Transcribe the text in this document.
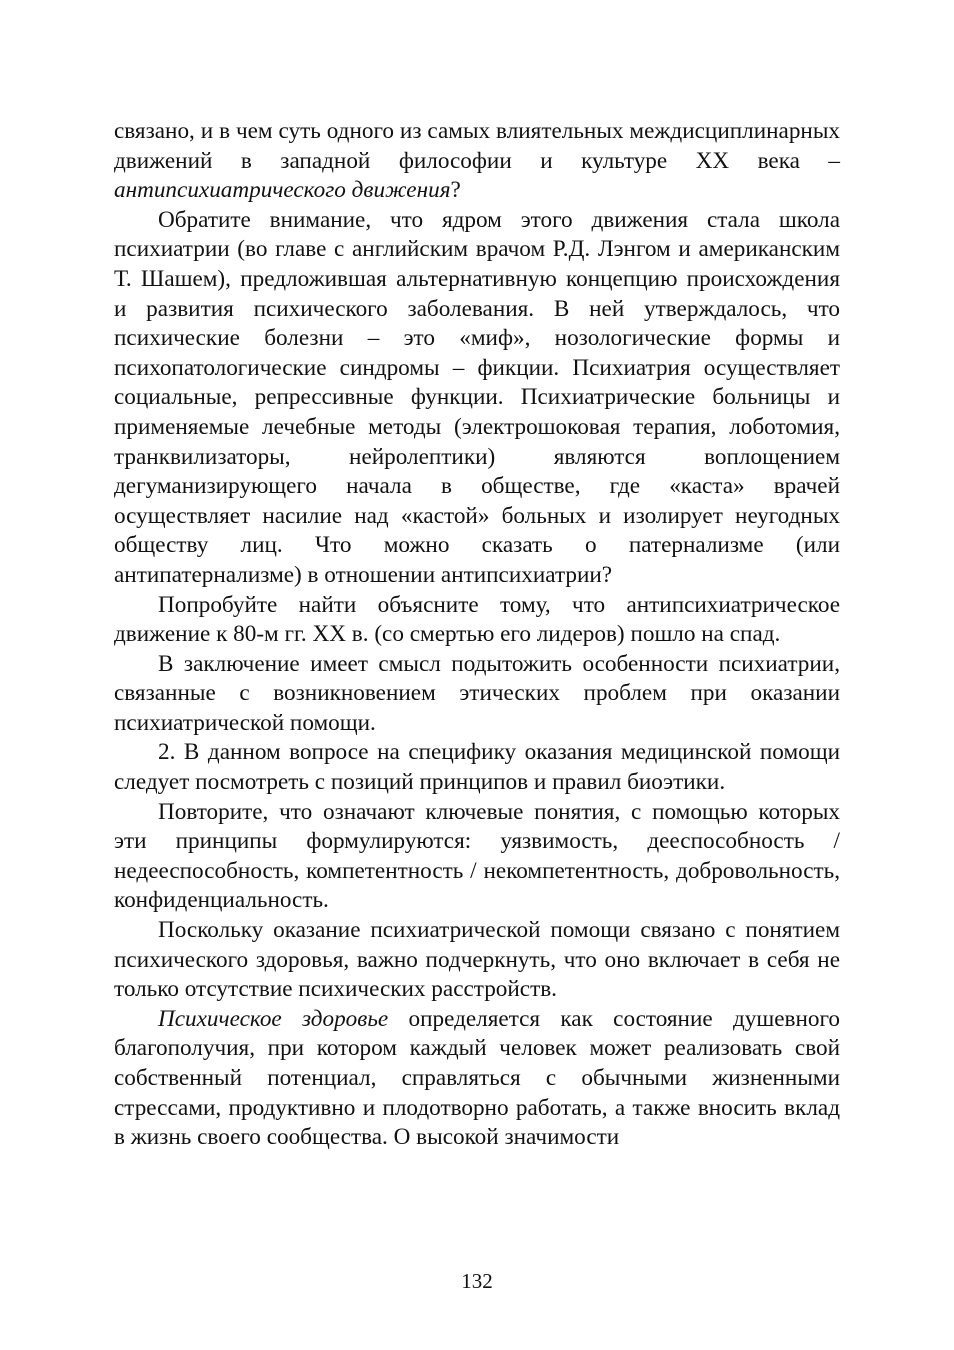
связано, и в чем суть одного из самых влиятельных междисциплинарных движений в западной философии и культуре XX века – антипсихиатрического движения?

Обратите внимание, что ядром этого движения стала школа психиатрии (во главе с английским врачом Р.Д. Лэнгом и американским Т. Шашем), предложившая альтернативную концепцию происхождения и развития психического заболевания. В ней утверждалось, что психические болезни – это «миф», нозологические формы и психопатологические синдромы – фикции. Психиатрия осуществляет социальные, репрессивные функции. Психиатрические больницы и применяемые лечебные методы (электрошоковая терапия, лоботомия, транквилизаторы, нейролептики) являются воплощением дегуманизирующего начала в обществе, где «каста» врачей осуществляет насилие над «кастой» больных и изолирует неугодных обществу лиц. Что можно сказать о патернализме (или антипатернализме) в отношении антипсихиатрии?

Попробуйте найти объясните тому, что антипсихиатрическое движение к 80-м гг. XX в. (со смертью его лидеров) пошло на спад.

В заключение имеет смысл подытожить особенности психиатрии, связанные с возникновением этических проблем при оказании психиатрической помощи.

2. В данном вопросе на специфику оказания медицинской помощи следует посмотреть с позиций принципов и правил биоэтики.

Повторите, что означают ключевые понятия, с помощью которых эти принципы формулируются: уязвимость, дееспособность / недееспособность, компетентность / некомпетентность, добровольность, конфиденциальность.

Поскольку оказание психиатрической помощи связано с понятием психического здоровья, важно подчеркнуть, что оно включает в себя не только отсутствие психических расстройств.

Психическое здоровье определяется как состояние душевного благополучия, при котором каждый человек может реализовать свой собственный потенциал, справляться с обычными жизненными стрессами, продуктивно и плодотворно работать, а также вносить вклад в жизнь своего сообщества. О высокой значимости

132
